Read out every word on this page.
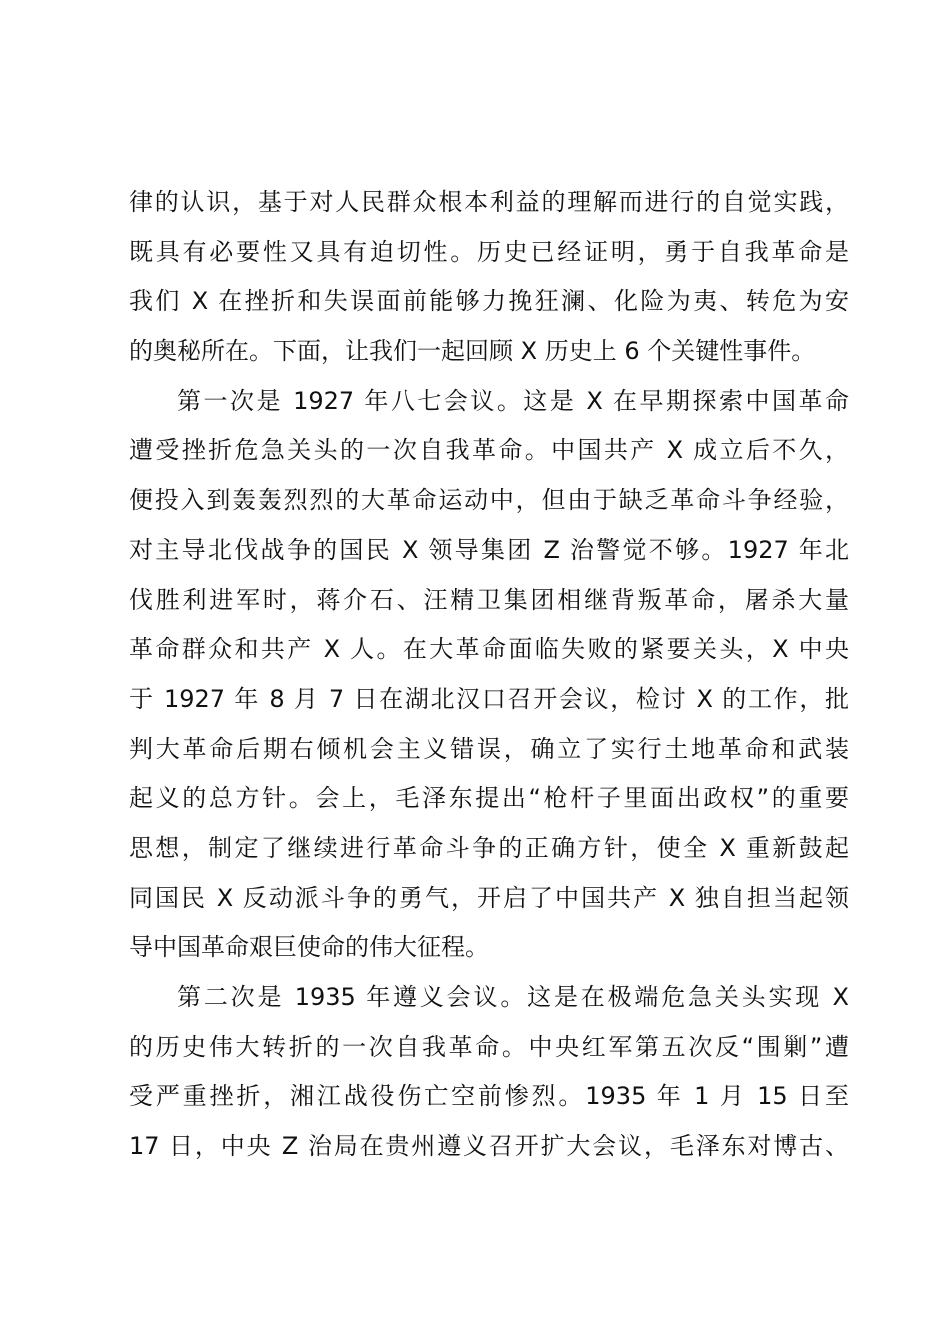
律的认识，基于对人民群众根本利益的理解而进行的自觉实践，
既具有必要性又具有迫切性。历史已经证明，勇于自我革命是
我们 X 在挫折和失误面前能够力挽狂澜、化险为夷、转危为安
的奥秘所在。下面，让我们一起回顾 X 历史上 6 个关键性事件。
第一次是 1927 年八七会议。这是 X 在早期探索中国革命
遭受挫折危急关头的一次自我革命。中国共产 X 成立后不久，
便投入到轰轰烈烈的大革命运动中，但由于缺乏革命斗争经验，
对主导北伐战争的国民 X 领导集团 Z 治警觉不够。1927 年北
伐胜利进军时，蒋介石、汪精卫集团相继背叛革命，屠杀大量
革命群众和共产 X 人。在大革命面临失败的紧要关头，X 中央
于 1927 年 8 月 7 日在湖北汉口召开会议，检讨 X 的工作，批
判大革命后期右倾机会主义错误，确立了实行土地革命和武装
起义的总方针。会上，毛泽东提出“枪杆子里面出政权”的重要
思想，制定了继续进行革命斗争的正确方针，使全 X 重新鼓起
同国民 X 反动派斗争的勇气，开启了中国共产 X 独自担当起领
导中国革命艰巨使命的伟大征程。
第二次是 1935 年遵义会议。这是在极端危急关头实现 X
的历史伟大转折的一次自我革命。中央红军第五次反“围剿”遭
受严重挫折，湘江战役伤亡空前惨烈。1935 年 1 月 15 日至
17 日，中央 Z 治局在贵州遵义召开扩大会议，毛泽东对博古、
